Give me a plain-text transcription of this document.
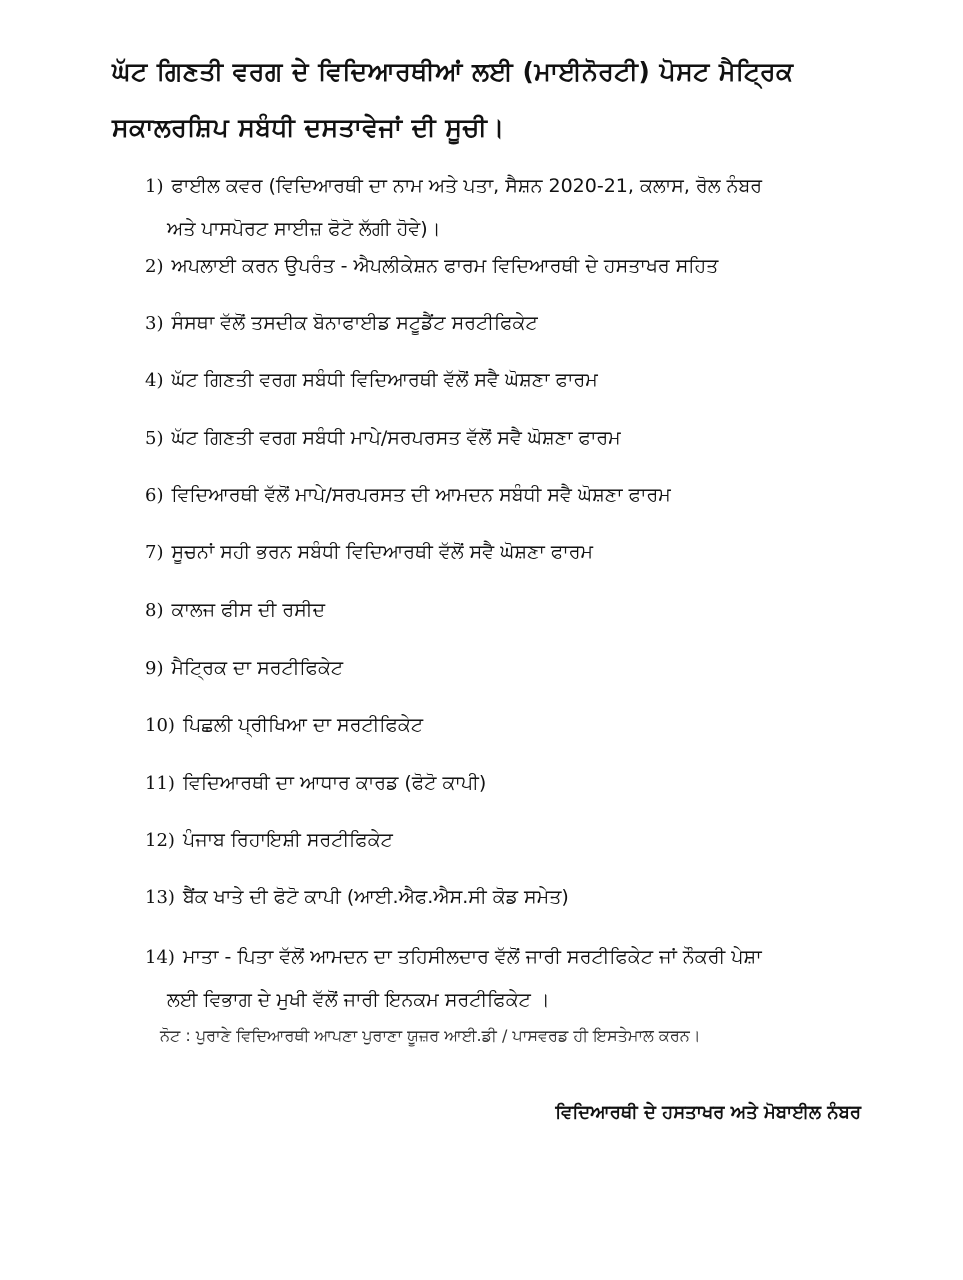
ਘੱਟ ਗਿਣਤੀ ਵਰਗ ਦੇ ਵਿਦਿਆਰਥੀਆਂ ਲਈ (ਮਾਈਨੋਰਟੀ) ਪੋਸਟ ਮੈਟ੍ਰਿਕ
ਸਕਾਲਰਸ਼ਿਪ ਸਬੰਧੀ ਦਸਤਾਵੇਜਾਂ ਦੀ ਸੂਚੀ।
1) ਫਾਈਲ ਕਵਰ (ਵਿਦਿਆਰਥੀ ਦਾ ਨਾਮ ਅਤੇ ਪਤਾ, ਸੈਸ਼ਨ 2020-21, ਕਲਾਸ, ਰੋਲ ਨੰਬਰ
ਅਤੇ ਪਾਸਪੋਰਟ ਸਾਈਜ਼ ਫੋਟੋ ਲੱਗੀ ਹੋਵੇ)।
2) ਅਪਲਾਈ ਕਰਨ ਉਪਰੰਤ - ਐਪਲੀਕੇਸ਼ਨ ਫਾਰਮ ਵਿਦਿਆਰਥੀ ਦੇ ਹਸਤਾਖਰ ਸਹਿਤ
3) ਸੰਸਥਾ ਵੱਲੋਂ ਤਸਦੀਕ ਬੋਨਾਫਾਈਡ ਸਟੂਡੈਂਟ ਸਰਟੀਫਿਕੇਟ
4) ਘੱਟ ਗਿਣਤੀ ਵਰਗ ਸਬੰਧੀ ਵਿਦਿਆਰਥੀ ਵੱਲੋਂ ਸਵੈ ਘੋਸ਼ਣਾ ਫਾਰਮ
5) ਘੱਟ ਗਿਣਤੀ ਵਰਗ ਸਬੰਧੀ ਮਾਪੇ/ਸਰਪਰਸਤ ਵੱਲੋਂ ਸਵੈ ਘੋਸ਼ਣਾ ਫਾਰਮ
6) ਵਿਦਿਆਰਥੀ ਵੱਲੋਂ ਮਾਪੇ/ਸਰਪਰਸਤ ਦੀ ਆਮਦਨ ਸਬੰਧੀ ਸਵੈ ਘੋਸ਼ਣਾ ਫਾਰਮ
7) ਸੂਚਨਾਂ ਸਹੀ ਭਰਨ ਸਬੰਧੀ ਵਿਦਿਆਰਥੀ ਵੱਲੋਂ ਸਵੈ ਘੋਸ਼ਣਾ ਫਾਰਮ
8) ਕਾਲਜ ਫੀਸ ਦੀ ਰਸੀਦ
9) ਮੈਟ੍ਰਿਕ ਦਾ ਸਰਟੀਫਿਕੇਟ
10) ਪਿਛਲੀ ਪ੍ਰੀਖਿਆ ਦਾ ਸਰਟੀਫਿਕੇਟ
11) ਵਿਦਿਆਰਥੀ ਦਾ ਆਧਾਰ ਕਾਰਡ (ਫੋਟੋ ਕਾਪੀ)
12) ਪੰਜਾਬ ਰਿਹਾਇਸ਼ੀ ਸਰਟੀਫਿਕੇਟ
13) ਬੈਂਕ ਖਾਤੇ ਦੀ ਫੋਟੋ ਕਾਪੀ (ਆਈ.ਐਫ.ਐਸ.ਸੀ ਕੋਡ ਸਮੇਤ)
14) ਮਾਤਾ - ਪਿਤਾ ਵੱਲੋਂ ਆਮਦਨ ਦਾ ਤਹਿਸੀਲਦਾਰ ਵੱਲੋਂ ਜਾਰੀ ਸਰਟੀਫਿਕੇਟ ਜਾਂ ਨੌਕਰੀ ਪੇਸ਼ਾ
ਲਈ ਵਿਭਾਗ ਦੇ ਮੁਖੀ ਵੱਲੋਂ ਜਾਰੀ ਇਨਕਮ ਸਰਟੀਫਿਕੇਟ ।
ਨੋਟ : ਪੁਰਾਣੇ ਵਿਦਿਆਰਥੀ ਆਪਣਾ ਪੁਰਾਣਾ ਯੂਜ਼ਰ ਆਈ.ਡੀ / ਪਾਸਵਰਡ ਹੀ ਇਸਤੇਮਾਲ ਕਰਨ।
ਵਿਦਿਆਰਥੀ ਦੇ ਹਸਤਾਖਰ ਅਤੇ ਮੋਬਾਈਲ ਨੰਬਰ
